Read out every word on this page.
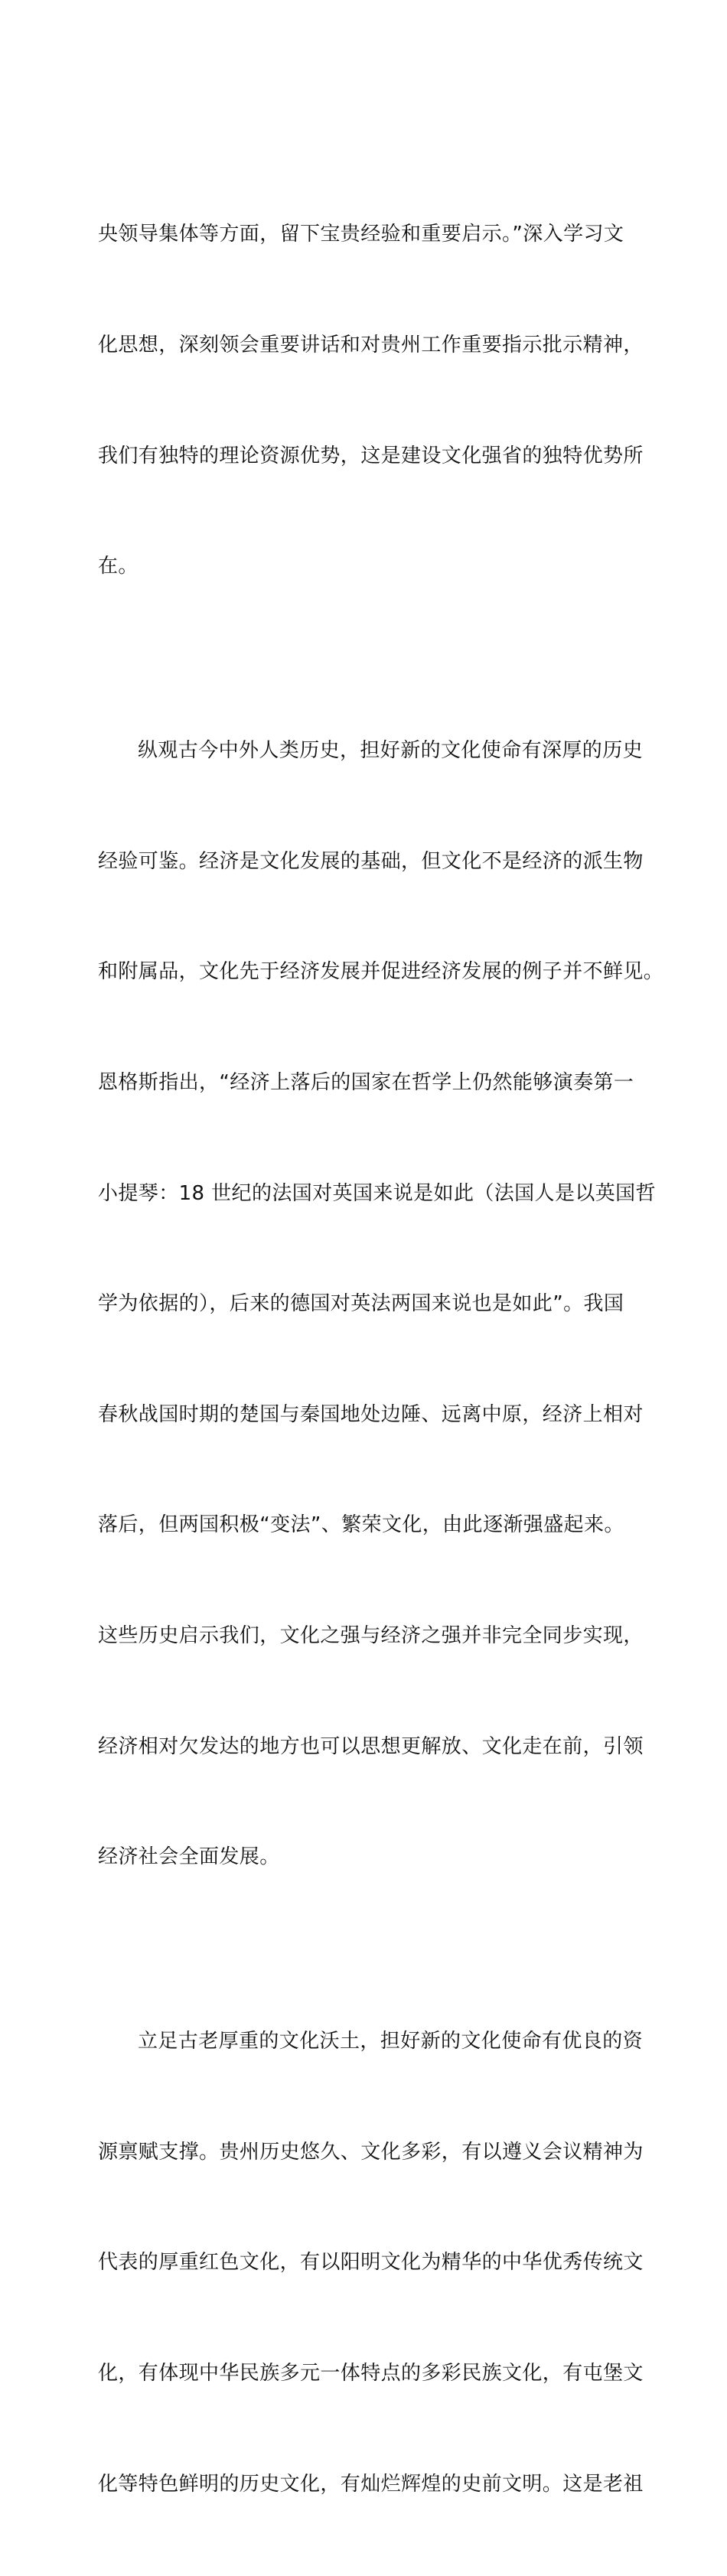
央领导集体等方面，留下宝贵经验和重要启示。”深入学习文

化思想，深刻领会重要讲话和对贵州工作重要指示批示精神，

我们有独特的理论资源优势，这是建设文化强省的独特优势所

在。

纵观古今中外人类历史，担好新的文化使命有深厚的历史

经验可鉴。经济是文化发展的基础，但文化不是经济的派生物

和附属品，文化先于经济发展并促进经济发展的例子并不鲜见。

恩格斯指出，“经济上落后的国家在哲学上仍然能够演奏第一

小提琴：18 世纪的法国对英国来说是如此（法国人是以英国哲

学为依据的），后来的德国对英法两国来说也是如此”。我国

春秋战国时期的楚国与秦国地处边陲、远离中原，经济上相对

落后，但两国积极“变法”、繁荣文化，由此逐渐强盛起来。

这些历史启示我们，文化之强与经济之强并非完全同步实现，

经济相对欠发达的地方也可以思想更解放、文化走在前，引领

经济社会全面发展。

立足古老厚重的文化沃土，担好新的文化使命有优良的资

源禀赋支撑。贵州历史悠久、文化多彩，有以遵义会议精神为

代表的厚重红色文化，有以阳明文化为精华的中华优秀传统文

化，有体现中华民族多元一体特点的多彩民族文化，有屯堡文

化等特色鲜明的历史文化，有灿烂辉煌的史前文明。这是老祖
